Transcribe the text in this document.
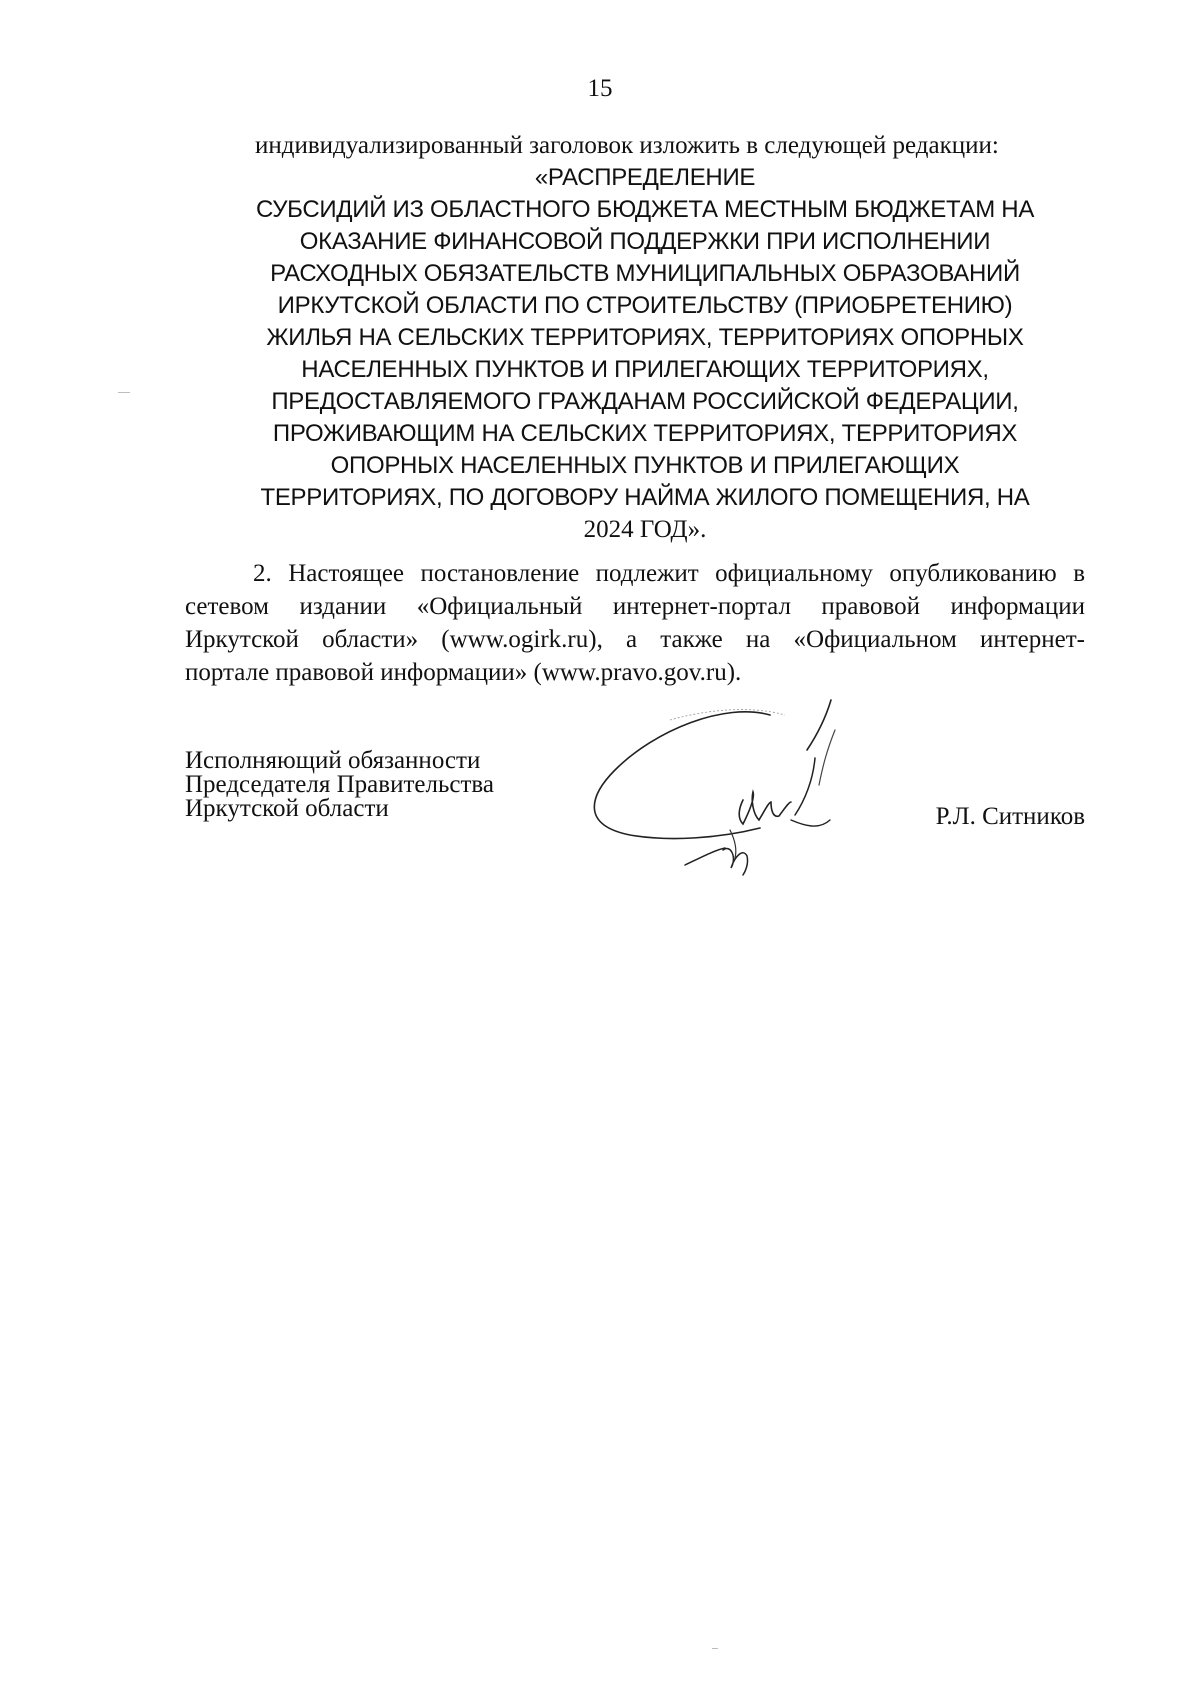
15
индивидуализированный заголовок изложить в следующей редакции:
«РАСПРЕДЕЛЕНИЕ
СУБСИДИЙ ИЗ ОБЛАСТНОГО БЮДЖЕТА МЕСТНЫМ БЮДЖЕТАМ НА
ОКАЗАНИЕ ФИНАНСОВОЙ ПОДДЕРЖКИ ПРИ ИСПОЛНЕНИИ
РАСХОДНЫХ ОБЯЗАТЕЛЬСТВ МУНИЦИПАЛЬНЫХ ОБРАЗОВАНИЙ
ИРКУТСКОЙ ОБЛАСТИ ПО СТРОИТЕЛЬСТВУ (ПРИОБРЕТЕНИЮ)
ЖИЛЬЯ НА СЕЛЬСКИХ ТЕРРИТОРИЯХ, ТЕРРИТОРИЯХ ОПОРНЫХ
НАСЕЛЕННЫХ ПУНКТОВ И ПРИЛЕГАЮЩИХ ТЕРРИТОРИЯХ,
ПРЕДОСТАВЛЯЕМОГО ГРАЖДАНАМ РОССИЙСКОЙ ФЕДЕРАЦИИ,
ПРОЖИВАЮЩИМ НА СЕЛЬСКИХ ТЕРРИТОРИЯХ, ТЕРРИТОРИЯХ
ОПОРНЫХ НАСЕЛЕННЫХ ПУНКТОВ И ПРИЛЕГАЮЩИХ
ТЕРРИТОРИЯХ, ПО ДОГОВОРУ НАЙМА ЖИЛОГО ПОМЕЩЕНИЯ, НА
2024 ГОД».
2. Настоящее постановление подлежит официальному опубликованию в
сетевом издании «Официальный интернет-портал правовой информации
Иркутской области» (www.ogirk.ru), а также на «Официальном интернет-
портале правовой информации» (www.pravo.gov.ru).
Исполняющий обязанности
Председателя Правительства
Иркутской области	Р.Л. Ситников
